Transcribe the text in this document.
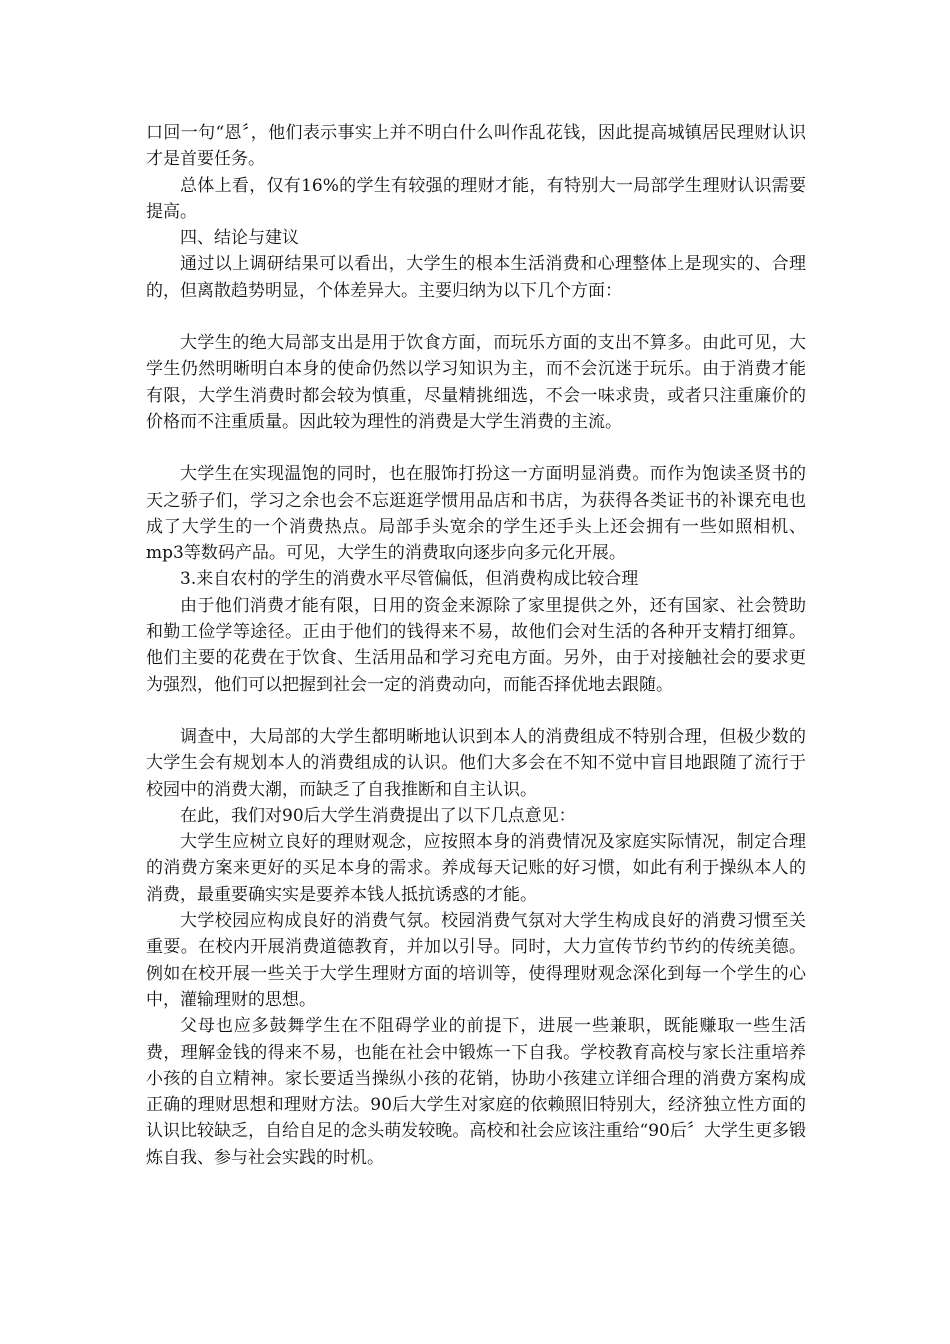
口回一句“恩〞，他们表示事实上并不明白什么叫作乱花钱，因此提高城镇居民理财认识才是首要任务。

总体上看，仅有16%的学生有较强的理财才能，有特别大一局部学生理财认识需要提高。

四、结论与建议

通过以上调研结果可以看出，大学生的根本生活消费和心理整体上是现实的、合理的，但离散趋势明显，个体差异大。主要归纳为以下几个方面：

大学生的绝大局部支出是用于饮食方面，而玩乐方面的支出不算多。由此可见，大学生仍然明晰明白本身的使命仍然以学习知识为主，而不会沉迷于玩乐。由于消费才能有限，大学生消费时都会较为慎重，尽量精挑细选，不会一味求贵，或者只注重廉价的价格而不注重质量。因此较为理性的消费是大学生消费的主流。

大学生在实现温饱的同时，也在服饰打扮这一方面明显消费。而作为饱读圣贤书的天之骄子们，学习之余也会不忘逛逛学惯用品店和书店，为获得各类证书的补课充电也成了大学生的一个消费热点。局部手头宽余的学生还手头上还会拥有一些如照相机、mp3等数码产品。可见，大学生的消费取向逐步向多元化开展。

3.来自农村的学生的消费水平尽管偏低，但消费构成比较合理

由于他们消费才能有限，日用的资金来源除了家里提供之外，还有国家、社会赞助和勤工俭学等途径。正由于他们的钱得来不易，故他们会对生活的各种开支精打细算。他们主要的花费在于饮食、生活用品和学习充电方面。另外，由于对接触社会的要求更为强烈，他们可以把握到社会一定的消费动向，而能否择优地去跟随。

调查中，大局部的大学生都明晰地认识到本人的消费组成不特别合理，但极少数的大学生会有规划本人的消费组成的认识。他们大多会在不知不觉中盲目地跟随了流行于校园中的消费大潮，而缺乏了自我推断和自主认识。

在此，我们对90后大学生消费提出了以下几点意见：

大学生应树立良好的理财观念，应按照本身的消费情况及家庭实际情况，制定合理的消费方案来更好的买足本身的需求。养成每天记账的好习惯，如此有利于操纵本人的消费，最重要确实实是要养本钱人抵抗诱惑的才能。

大学校园应构成良好的消费气氛。校园消费气氛对大学生构成良好的消费习惯至关重要。在校内开展消费道德教育，并加以引导。同时，大力宣传节约节约的传统美德。例如在校开展一些关于大学生理财方面的培训等，使得理财观念深化到每一个学生的心中，灌输理财的思想。

父母也应多鼓舞学生在不阻碍学业的前提下，进展一些兼职，既能赚取一些生活费，理解金钱的得来不易，也能在社会中锻炼一下自我。学校教育高校与家长注重培养小孩的自立精神。家长要适当操纵小孩的花销，协助小孩建立详细合理的消费方案构成正确的理财思想和理财方法。90后大学生对家庭的依赖照旧特别大，经济独立性方面的认识比较缺乏，自给自足的念头萌发较晚。高校和社会应该注重给“90后〞大学生更多锻炼自我、参与社会实践的时机。
